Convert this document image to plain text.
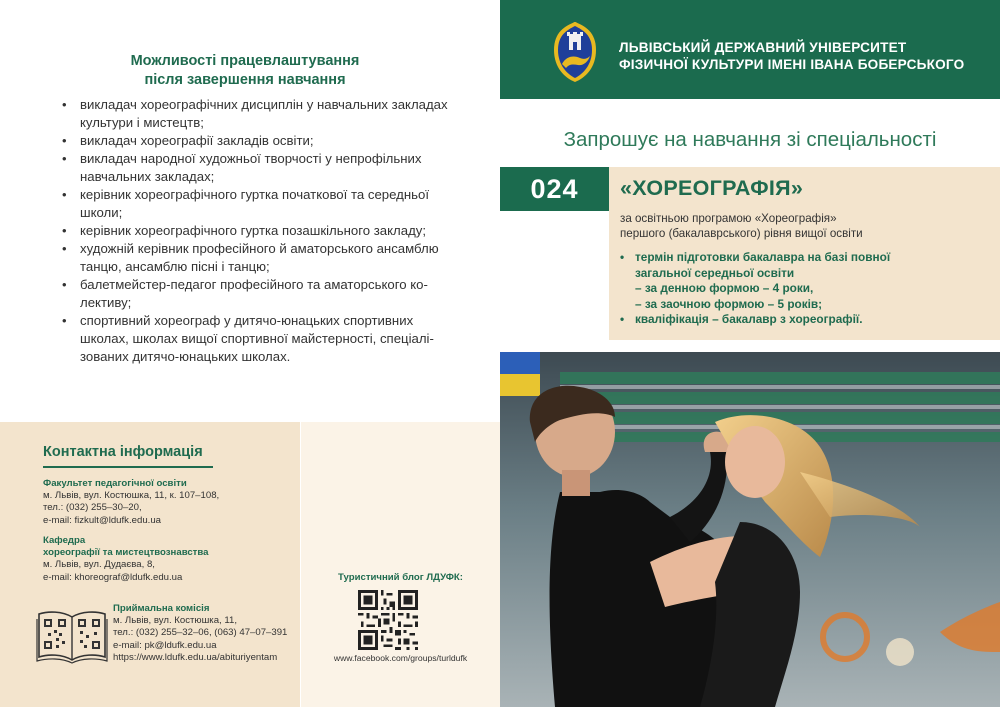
Можливості працевлаштування
після завершення навчання
• викладач хореографічних дисциплін у навчальних закладах
культури і мистецтв;
• викладач хореографії закладів освіти;
• викладач народної художньої творчості у непрофільних
навчальних закладах;
• керівник хореографічного гуртка початкової та середньої
школи;
• керівник хореографічного гуртка позашкільного закладу;
• художній керівник професійного й аматорського ансамблю
танцю, ансамблю пісні і танцю;
• балетмейстер-педагог професійного та аматорського ко-
лективу;
• спортивний хореограф у дитячо-юнацьких спортивних
школах, школах вищої спортивної майстерності, спеціалі-
зованих дитячо-юнацьких школах.
Контактна інформація
Факультет педагогічної освіти
м. Львів, вул. Костюшка, 11, к. 107–108,
тел.: (032) 255–30–20,
e-mail: fizkult@ldufk.edu.ua
Кафедра
хореографії та мистецтвознавства
м. Львів, вул. Дудаєва, 8,
e-mail: khoreograf@ldufk.edu.ua
Приймальна комісія
м. Львів, вул. Костюшка, 11,
тел.: (032) 255–32–06, (063) 47–07–391
e-mail: pk@ldufk.edu.ua
https://www.ldufk.edu.ua/abituriyentam
Туристичний блог ЛДУФК:
www.facebook.com/groups/turldufk
ЛЬВІВСЬКИЙ ДЕРЖАВНИЙ УНІВЕРСИТЕТ
ФІЗИЧНОЇ КУЛЬТУРИ ІМЕНІ ІВАНА БОБЕРСЬКОГО
Запрошує на навчання зі спеціальності
024	«ХОРЕОГРАФІЯ»
за освітньою програмою «Хореографія»
першого (бакалаврського) рівня вищої освіти
• термін підготовки бакалавра на базі повної
загальної середньої освіти
– за денною формою – 4 роки,
– за заочною формою – 5 років;
• кваліфікація – бакалавр з хореографії.
